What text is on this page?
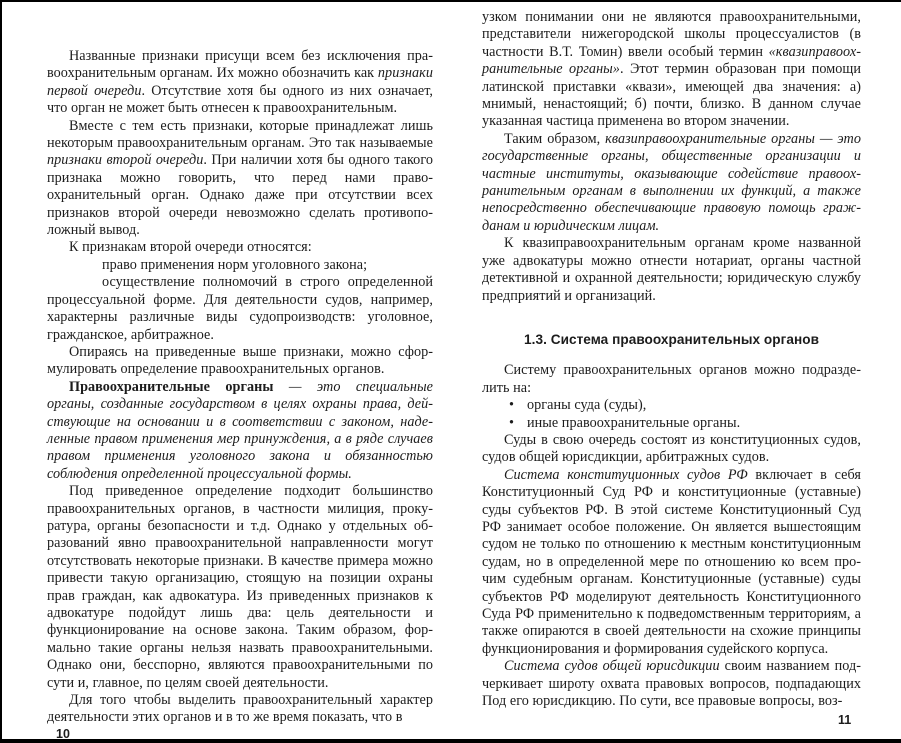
Названные признаки присущи всем без исключения правоохранительным органам. Их можно обозначить как признаки первой очереди. Отсутствие хотя бы одного из них означает, что орган не может быть отнесен к правоохранительным.

Вместе с тем есть признаки, которые принадлежат лишь некоторым правоохранительным органам. Это так называемые признаки второй очереди. При наличии хотя бы одного такого признака можно говорить, что перед нами правоохранительный орган. Однако даже при отсутствии всех признаков второй очереди невозможно сделать противоположный вывод.

К признакам второй очереди относятся:

право применения норм уголовного закона;

осуществление полномочий в строго определенной процессуальной форме. Для деятельности судов, например, характерны различные виды судопроизводств: уголовное, гражданское, арбитражное.

Опираясь на приведенные выше признаки, можно сформулировать определение правоохранительных органов.

Правоохранительные органы — это специальные органы, созданные государством в целях охраны права, действующие на основании и в соответствии с законом, наделенные правом применения мер принуждения, а в ряде случаев правом применения уголовного закона и обязанностью соблюдения определенной процессуальной формы.

Под приведенное определение подходит большинство правоохранительных органов, в частности милиция, прокуратура, органы безопасности и т.д. Однако у отдельных образований явно правоохранительной направленности могут отсутствовать некоторые признаки. В качестве примера можно привести такую организацию, стоящую на позиции охраны прав граждан, как адвокатура. Из приведенных признаков к адвокатуре подойдут лишь два: цель деятельности и функционирование на основе закона. Таким образом, формально такие органы нельзя назвать правоохранительными. Однако они, бесспорно, являются правоохранительными по сути и, главное, по целям своей деятельности.

Для того чтобы выделить правоохранительный характер деятельности этих органов и в то же время показать, что в

10

узком понимании они не являются правоохранительными, представители нижегородской школы процессуалистов (в частности В.Т. Томин) ввели особый термин «квазиправоохранительные органы». Этот термин образован при помощи латинской приставки «квази», имеющей два значения: а) мнимый, ненастоящий; б) почти, близко. В данном случае указанная частица применена во втором значении.

Таким образом, квазиправоохранительные органы — это государственные органы, общественные организации и частные институты, оказывающие содействие правоохранительным органам в выполнении их функций, а также непосредственно обеспечивающие правовую помощь гражданам и юридическим лицам.

К квазиправоохранительным органам кроме названной уже адвокатуры можно отнести нотариат, органы частной детективной и охранной деятельности; юридическую службу предприятий и организаций.

1.3. Система правоохранительных органов

Систему правоохранительных органов можно подразделить на:

• органы суда (суды),
• иные правоохранительные органы.

Суды в свою очередь состоят из конституционных судов, судов общей юрисдикции, арбитражных судов.

Система конституционных судов РФ включает в себя Конституционный Суд РФ и конституционные (уставные) суды субъектов РФ. В этой системе Конституционный Суд РФ занимает особое положение. Он является вышестоящим судом не только по отношению к местным конституционным судам, но в определенной мере по отношению ко всем прочим судебным органам. Конституционные (уставные) суды субъектов РФ моделируют деятельность Конституционного Суда РФ применительно к подведомственным территориям, а также опираются в своей деятельности на схожие принципы функционирования и формирования судейского корпуса.

Система судов общей юрисдикции своим названием подчеркивает широту охвата правовых вопросов, подпадающих Под его юрисдикцию. По сути, все правовые вопросы, воз-

11
